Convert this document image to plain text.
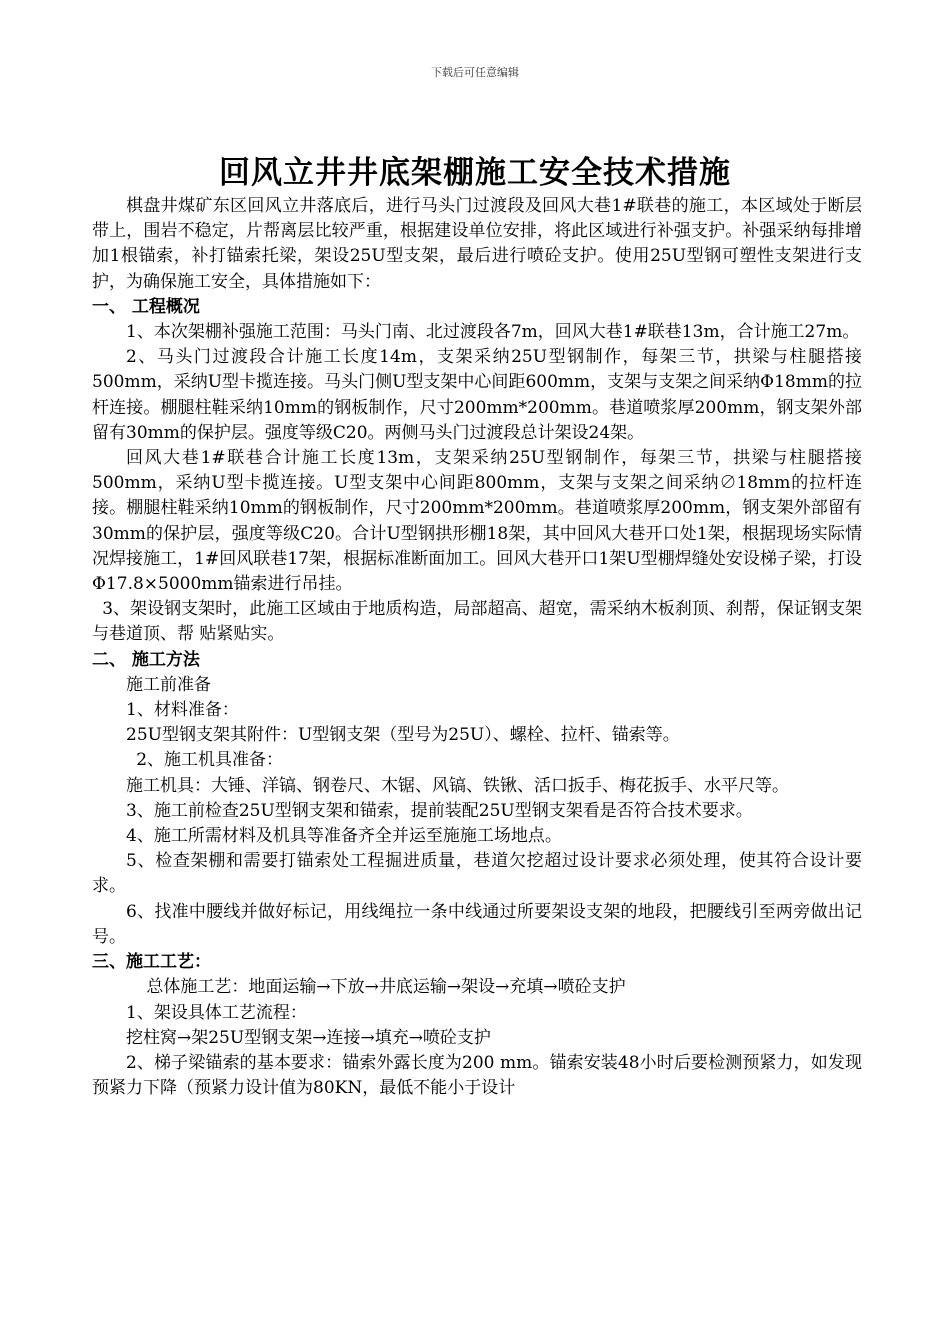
下载后可任意编辑
回风立井井底架棚施工安全技术措施

棋盘井煤矿东区回风立井落底后，进行马头门过渡段及回风大巷1#联巷的施工，本区域处于断层带上，围岩不稳定，片帮离层比较严重，根据建设单位安排，将此区域进行补强支护。补强采纳每排增加1根锚索，补打锚索托梁，架设25U型支架，最后进行喷砼支护。使用25U型钢可塑性支架进行支护，为确保施工安全，具体措施如下：

一、 工程概况

1、本次架棚补强施工范围：马头门南、北过渡段各7m，回风大巷1#联巷13m，合计施工27m。

2、马头门过渡段合计施工长度14m，支架采纳25U型钢制作，每架三节，拱梁与柱腿搭接500mm，采纳U型卡揽连接。马头门侧U型支架中心间距600mm，支架与支架之间采纳Φ18mm的拉杆连接。棚腿柱鞋采纳10mm的钢板制作，尺寸200mm*200mm。巷道喷浆厚200mm，钢支架外部留有30mm的保护层。强度等级C20。两侧马头门过渡段总计架设24架。

回风大巷1#联巷合计施工长度13m，支架采纳25U型钢制作，每架三节，拱梁与柱腿搭接500mm，采纳U型卡揽连接。U型支架中心间距800mm，支架与支架之间采纳∅18mm的拉杆连接。棚腿柱鞋采纳10mm的钢板制作，尺寸200mm*200mm。巷道喷浆厚200mm，钢支架外部留有30mm的保护层，强度等级C20。合计U型钢拱形棚18架，其中回风大巷开口处1架，根据现场实际情况焊接施工，1#回风联巷17架，根据标准断面加工。回风大巷开口1架U型棚焊缝处安设梯子梁，打设Φ17.8×5000mm锚索进行吊挂。

3、架设钢支架时，此施工区域由于地质构造，局部超高、超宽，需采纳木板刹顶、刹帮，保证钢支架与巷道顶、帮 贴紧贴实。

二、 施工方法

施工前准备

1、材料准备：

25U型钢支架其附件：U型钢支架（型号为25U）、螺栓、拉杆、锚索等。

2、施工机具准备：

施工机具：大锤、洋镐、钢卷尺、木锯、风镐、铁锹、活口扳手、梅花扳手、水平尺等。

3、施工前检查25U型钢支架和锚索，提前装配25U型钢支架看是否符合技术要求。

4、施工所需材料及机具等准备齐全并运至施施工场地点。

5、检查架棚和需要打锚索处工程掘进质量，巷道欠挖超过设计要求必须处理，使其符合设计要求。

6、找准中腰线并做好标记，用线绳拉一条中线通过所要架设支架的地段，把腰线引至两旁做出记号。

三、施工工艺：

总体施工艺：地面运输→下放→井底运输→架设→充填→喷砼支护

1、架设具体工艺流程：

挖柱窝→架25U型钢支架→连接→填充→喷砼支护

2、梯子梁锚索的基本要求：锚索外露长度为200 mm。锚索安装48小时后要检测预紧力，如发现预紧力下降（预紧力设计值为80KN，最低不能小于设计
